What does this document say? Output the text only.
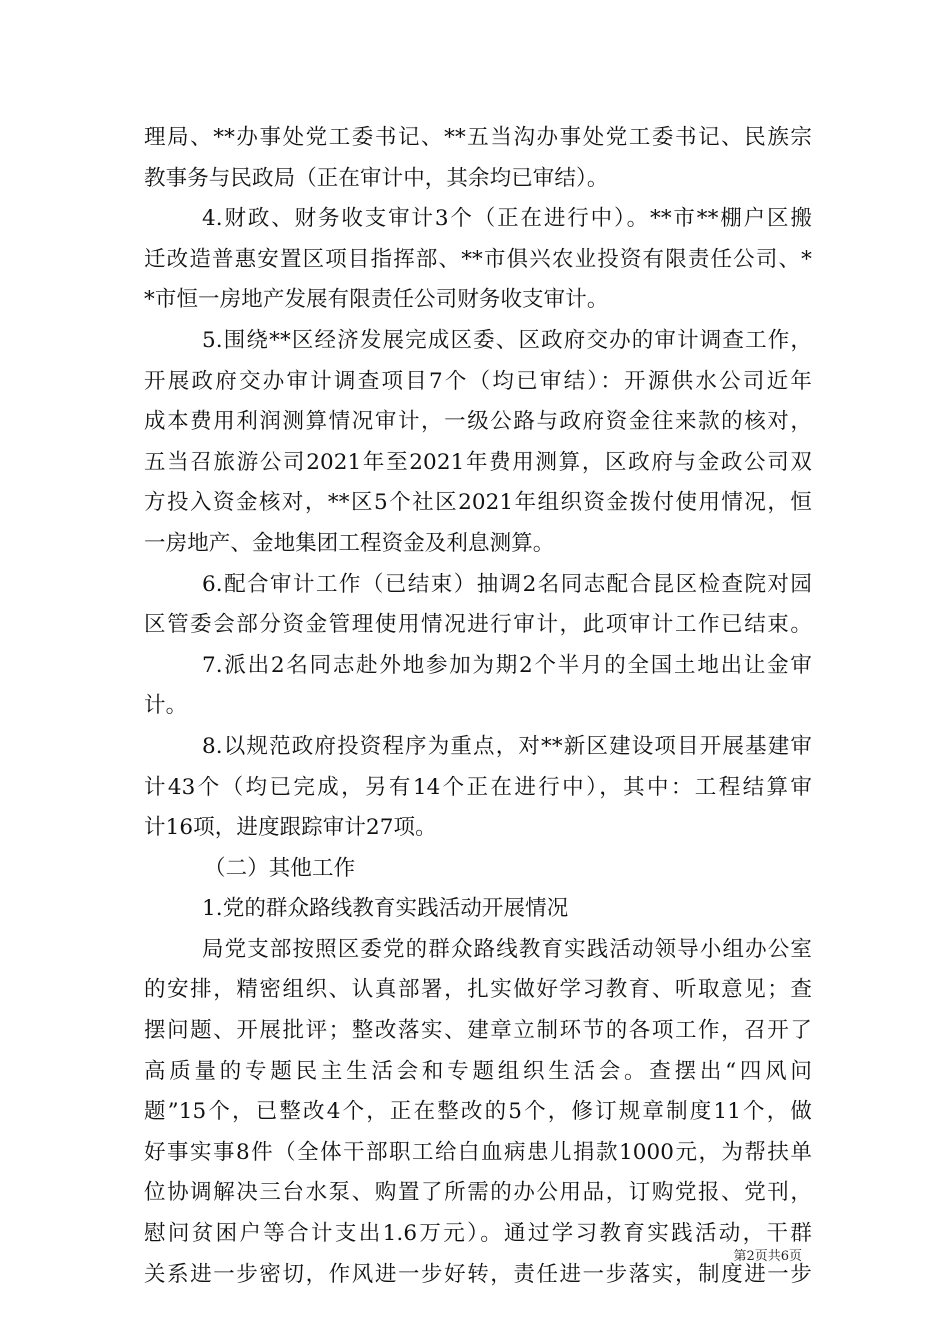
理局、**办事处党工委书记、**五当沟办事处党工委书记、民族宗
教事务与民政局（正在审计中，其余均已审结）。
4.财政、财务收支审计3个（正在进行中）。**市**棚户区搬
迁改造普惠安置区项目指挥部、**市俱兴农业投资有限责任公司、*
*市恒一房地产发展有限责任公司财务收支审计。
5.围绕**区经济发展完成区委、区政府交办的审计调查工作，
开展政府交办审计调查项目7个（均已审结）：开源供水公司近年
成本费用利润测算情况审计，一级公路与政府资金往来款的核对，
五当召旅游公司2021年至2021年费用测算，区政府与金政公司双
方投入资金核对，**区5个社区2021年组织资金拨付使用情况，恒
一房地产、金地集团工程资金及利息测算。
6.配合审计工作（已结束）抽调2名同志配合昆区检查院对园
区管委会部分资金管理使用情况进行审计，此项审计工作已结束。
7.派出2名同志赴外地参加为期2个半月的全国土地出让金审
计。
8.以规范政府投资程序为重点，对**新区建设项目开展基建审
计43个（均已完成，另有14个正在进行中），其中：工程结算审
计16项，进度跟踪审计27项。
（二）其他工作
1.党的群众路线教育实践活动开展情况
局党支部按照区委党的群众路线教育实践活动领导小组办公室
的安排，精密组织、认真部署，扎实做好学习教育、听取意见；查
摆问题、开展批评；整改落实、建章立制环节的各项工作，召开了
高质量的专题民主生活会和专题组织生活会。查摆出“四风问
题”15个，已整改4个，正在整改的5个，修订规章制度11个，做
好事实事8件（全体干部职工给白血病患儿捐款1000元，为帮扶单
位协调解决三台水泵、购置了所需的办公用品，订购党报、党刊，
慰问贫困户等合计支出1.6万元）。通过学习教育实践活动，干群
关系进一步密切，作风进一步好转，责任进一步落实，制度进一步
第2页共6页
